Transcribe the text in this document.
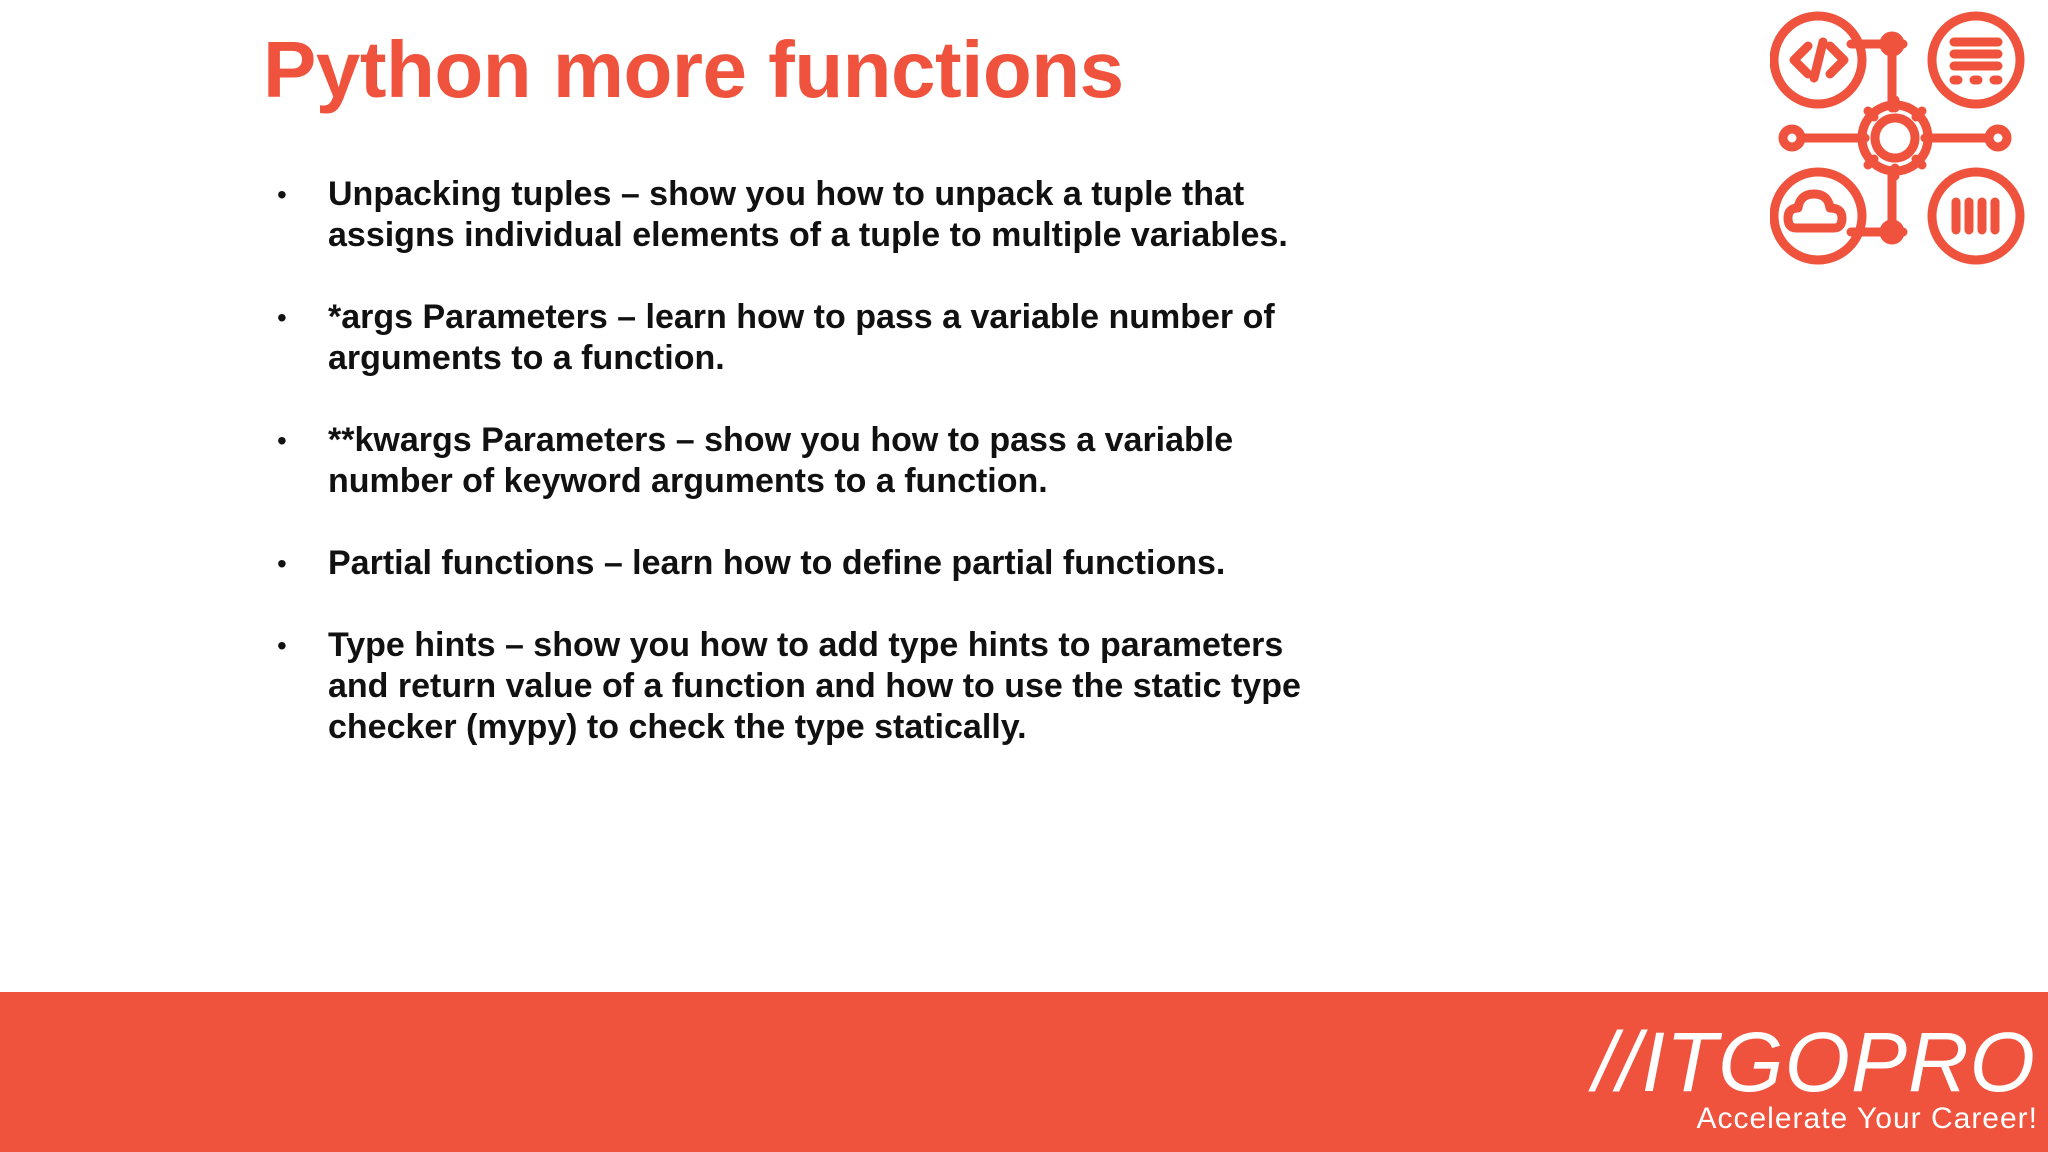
Python more functions
• Unpacking tuples – show you how to unpack a tuple that assigns individual elements of a tuple to multiple variables.
• *args Parameters – learn how to pass a variable number of arguments to a function.
• **kwargs Parameters – show you how to pass a variable number of keyword arguments to a function.
• Partial functions – learn how to define partial functions.
• Type hints – show you how to add type hints to parameters and return value of a function and how to use the static type checker (mypy) to check the type statically.
//ITGOPRO
Accelerate Your Career!
